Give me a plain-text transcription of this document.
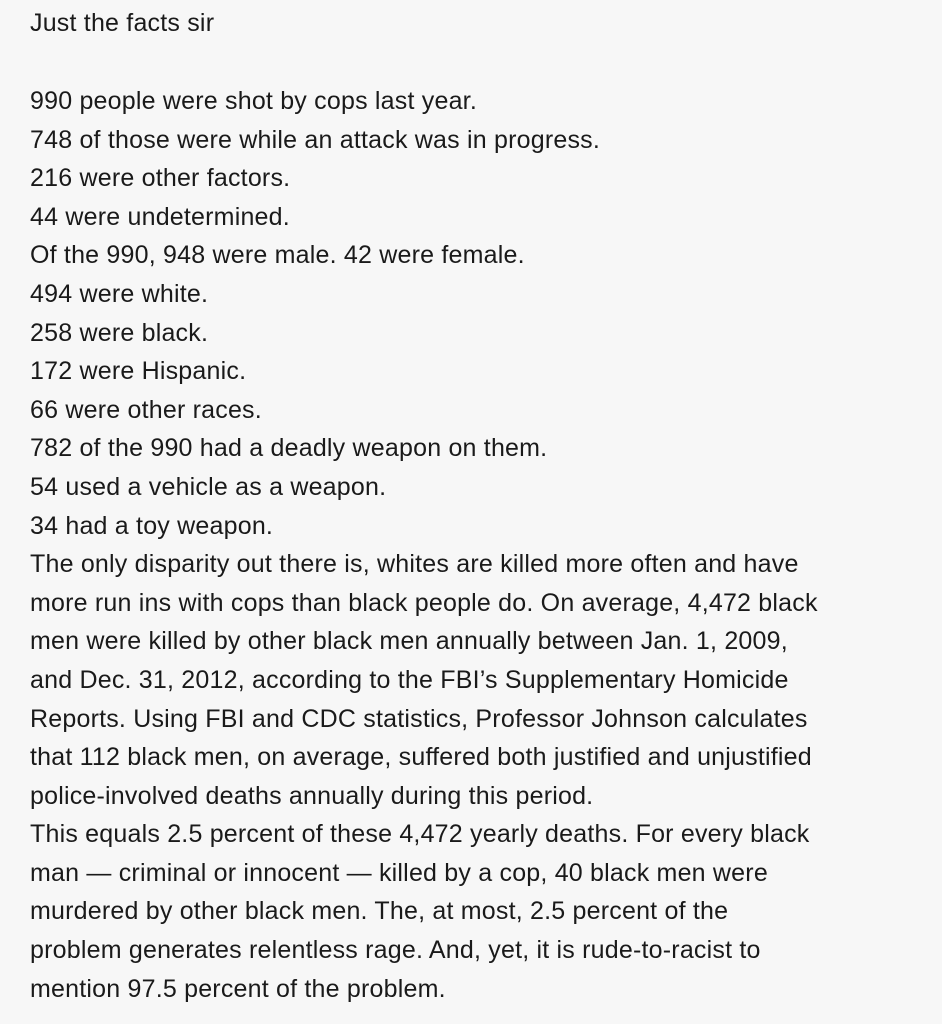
Just the facts sir
990 people were shot by cops last year.
748 of those were while an attack was in progress.
216 were other factors.
44 were undetermined.
Of the 990, 948 were male. 42 were female.
494 were white.
258 were black.
172 were Hispanic.
66 were other races.
782 of the 990 had a deadly weapon on them.
54 used a vehicle as a weapon.
34 had a toy weapon.
The only disparity out there is, whites are killed more often and have
more run ins with cops than black people do. On average, 4,472 black
men were killed by other black men annually between Jan. 1, 2009,
and Dec. 31, 2012, according to the FBI’s Supplementary Homicide
Reports. Using FBI and CDC statistics, Professor Johnson calculates
that 112 black men, on average, suffered both justified and unjustified
police-involved deaths annually during this period.
This equals 2.5 percent of these 4,472 yearly deaths. For every black
man — criminal or innocent — killed by a cop, 40 black men were
murdered by other black men. The, at most, 2.5 percent of the
problem generates relentless rage. And, yet, it is rude-to-racist to
mention 97.5 percent of the problem.
